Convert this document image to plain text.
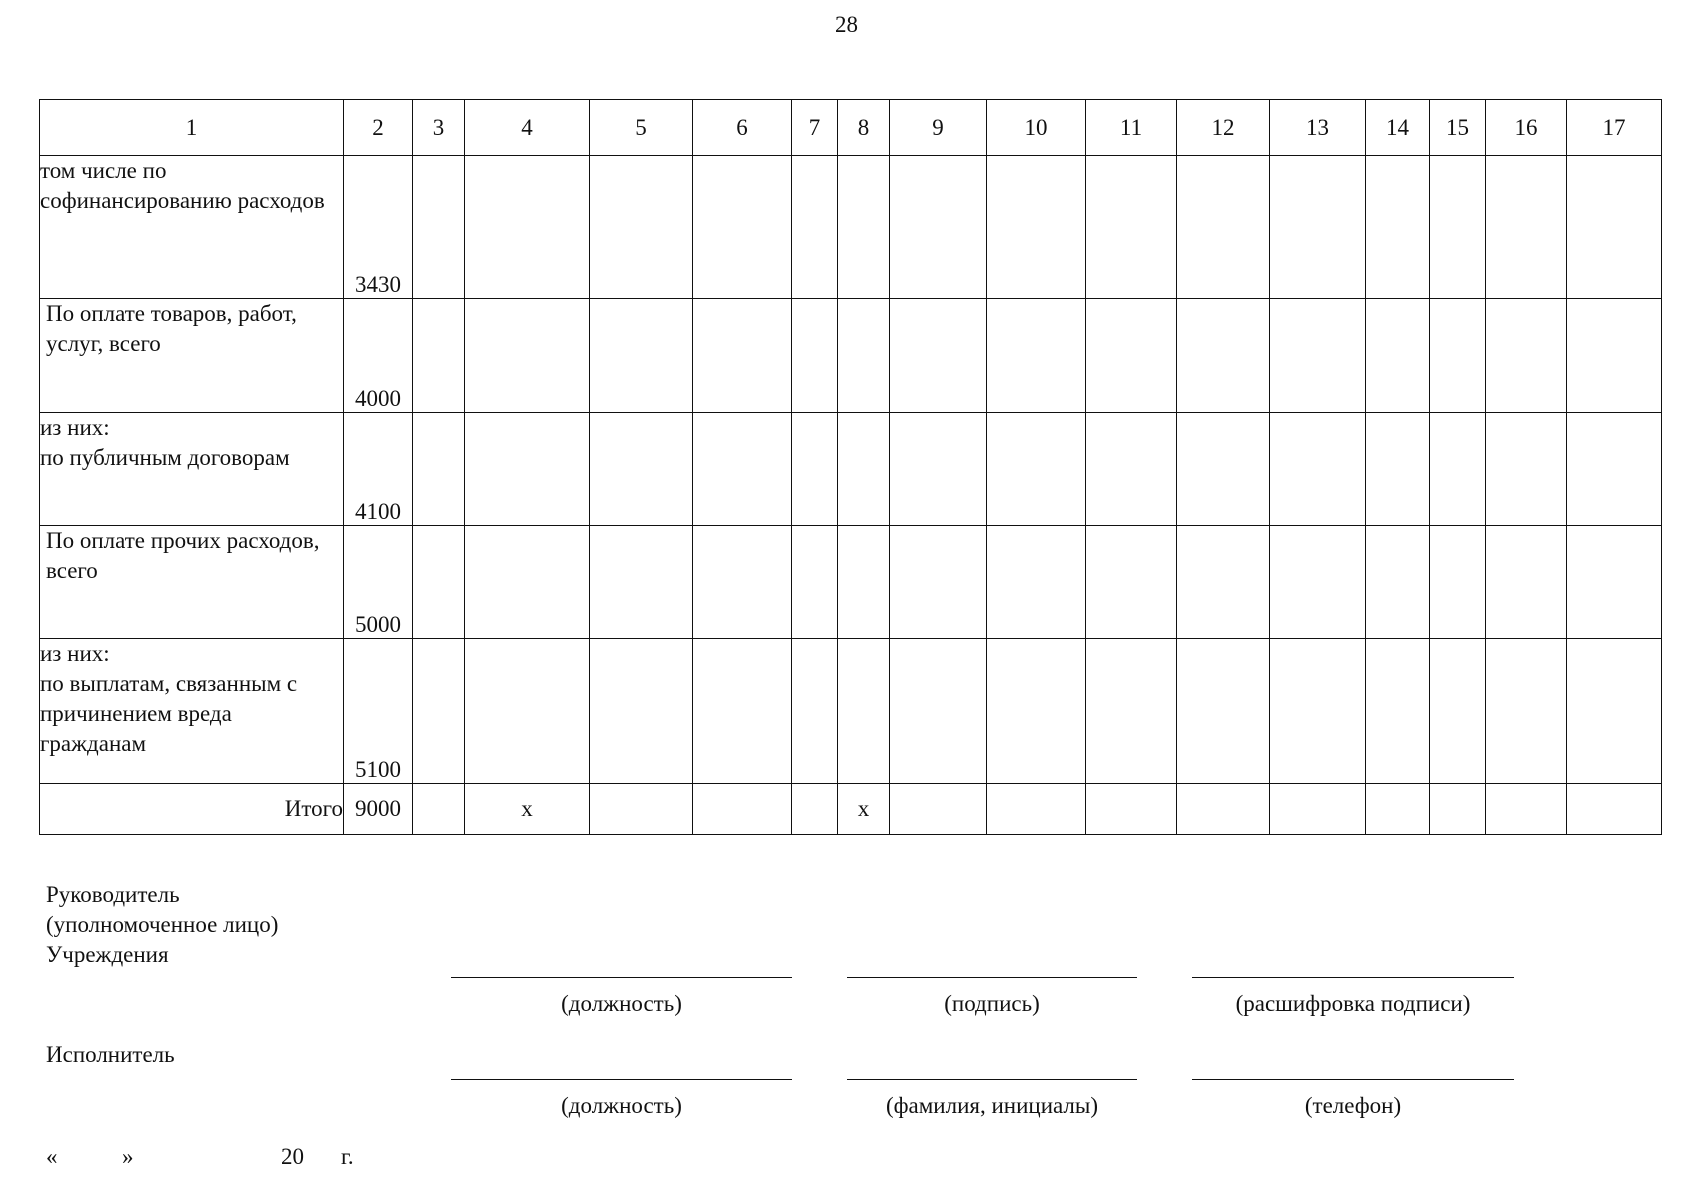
28
1	2	3	4	5	6	7	8	9	10	11	12	13	14	15	16	17
том числе по софинансированию расходов	3430															
По оплате товаров, работ, услуг, всего	4000															

из них:
по публичным договорам	4100															
По оплате прочих расходов, всего	5000															

из них:
по выплатам, связанным с причинением вреда гражданам	5100															
Итого	9000		x				x									
Руководитель
(уполномоченное лицо)
Учреждения
(должность)	(подпись)	(расшифровка подписи)
Исполнитель
(должность)	(фамилия, инициалы)	(телефон)
«	»	20 г.
